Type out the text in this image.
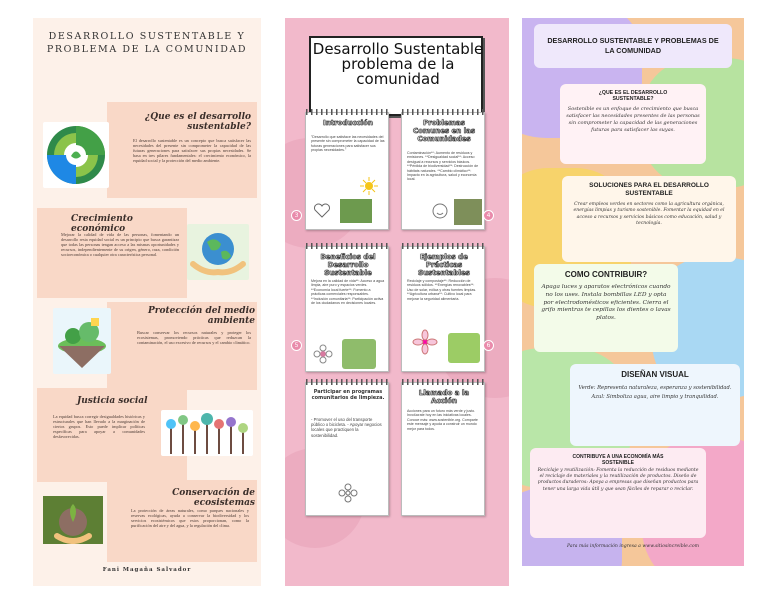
DESARROLLO SUSTENTABLE Y PROBLEMA DE LA COMUNIDAD
¿Que es el desarrollo sustentable?
El desarrollo sustentable es un concepto que busca satisfacer las necesidades del presente sin comprometer la capacidad de las futuras generaciones para satisfacer sus propias necesidades. Se basa en tres pilares fundamentales: el crecimiento económico, la equidad social y la protección del medio ambiente.
Crecimiento económico
Mejorar la calidad de vida de las personas, fomentando un desarrollo resta equidad social es un principio que busca garantizar que todas las personas tengan acceso a las mismas oportunidades y recursos, independientemente de su origen, género, raza, condición socioeconómica o cualquier otra característica personal.
Protección del medio ambiente
Buscar conservar los recursos naturales y proteger los ecosistemas, promoviendo prácticas que reduzcan la contaminación, el uso excesivo de recursos y el cambio climático.
Justicia social
La equidad busca corregir desigualdades históricas y estructurales que han llevado a la marginación de ciertos grupos. Esto puede implicar políticas específicas para apoyar a comunidades desfavorecidas.
Conservación de ecosistemas
La protección de áreas naturales, como parques nacionales y reservas ecológicas, ayuda a conservar la biodiversidad y los servicios ecosistémicos que estos proporcionan, como la purificación del aire y del agua, y la regulación del clima.
Fani Magaña Salvador
Desarrollo Sustentable problema de la comunidad
Introducción
"Desarrollo que satisface las necesidades del presente sin comprometer la capacidad de las futuras generaciones para satisfacer sus propias necesidades."
3
Problemas Comunes en las Comunidades
Contaminación**: Aumento de residuos y emisiones. **Desigualdad social**: Acceso desigual a recursos y servicios básicos. **Pérdida de biodiversidad**: Destrucción de hábitats naturales. **Cambio climático**: Impacto en la agricultura, salud y economía local.
4
Beneficios del Desarrollo Sustentable
Mejora en la calidad de vida**: Acceso a agua limpia, aire puro y espacios verdes. **Economía local fuerte**: Fomento a prácticas comerciales responsables. **Inclusión comunitaria**: Participación activa de los ciudadanos en decisiones locales.
5
Ejemplos de Prácticas Sustentables
Reciclaje y compostaje**: Reducción de residuos sólidos. **Energías renovables**: Uso de solar, eólica y otras fuentes limpias. **Agricultura urbana**: Cultivo local para mejorar la seguridad alimentaria.
6
Participar en programas comunitarios de limpieza.
- Promover el uso del transporte público o bicicleta. - Apoyar negocios locales que practiquen la sostenibilidad.
Llamado a la Acción
Acciones para un futuro más verde y justo. Involúcrate hoy en las iniciativas locales. Conoce más: www.sostenible.org. Comparte este mensaje y ayuda a construir un mundo mejor para todos.
DESARROLLO SUSTENTABLE Y PROBLEMAS DE LA COMUNIDAD
¿QUE ES EL DESARROLLO SUSTENTABLE?
Sostenible es un enfoque de crecimiento que busca satisfacer las necesidades presentes de las personas sin comprometer la capacidad de las generaciones futuras para satisfacer las suyas.
SOLUCIONES PARA EL DESARROLLO SUSTENTABLE
Crear empleos verdes en sectores como la agricultura orgánica, energías limpias y turismo sostenible. Fomentar la equidad en el acceso a recursos y servicios básicos como educación, salud y tecnología.
COMO CONTRIBUIR?
Apaga luces y aparatos electrónicos cuando no los uses. Instala bombillas LED y opta por electrodomésticos eficientes. Cierra el grifo mientras te cepillas los dientes o lavas platos.
DISEÑAN VISUAL
Verde: Representa naturaleza, esperanza y sostenibilidad. Azul: Simboliza agua, aire limpio y tranquilidad.
CONTRIBUYE A UNA ECONOMÍA MÁS SOSTENIBLE
Reciclaje y reutilización: Fomenta la reducción de residuos mediante el reciclaje de materiales y la reutilización de productos. Diseño de productos duraderos: Apoya a empresas que diseñan productos para tener una larga vida útil y que sean fáciles de reparar o reciclar.
Para más información ingresa a www.sitiosincreible.com
